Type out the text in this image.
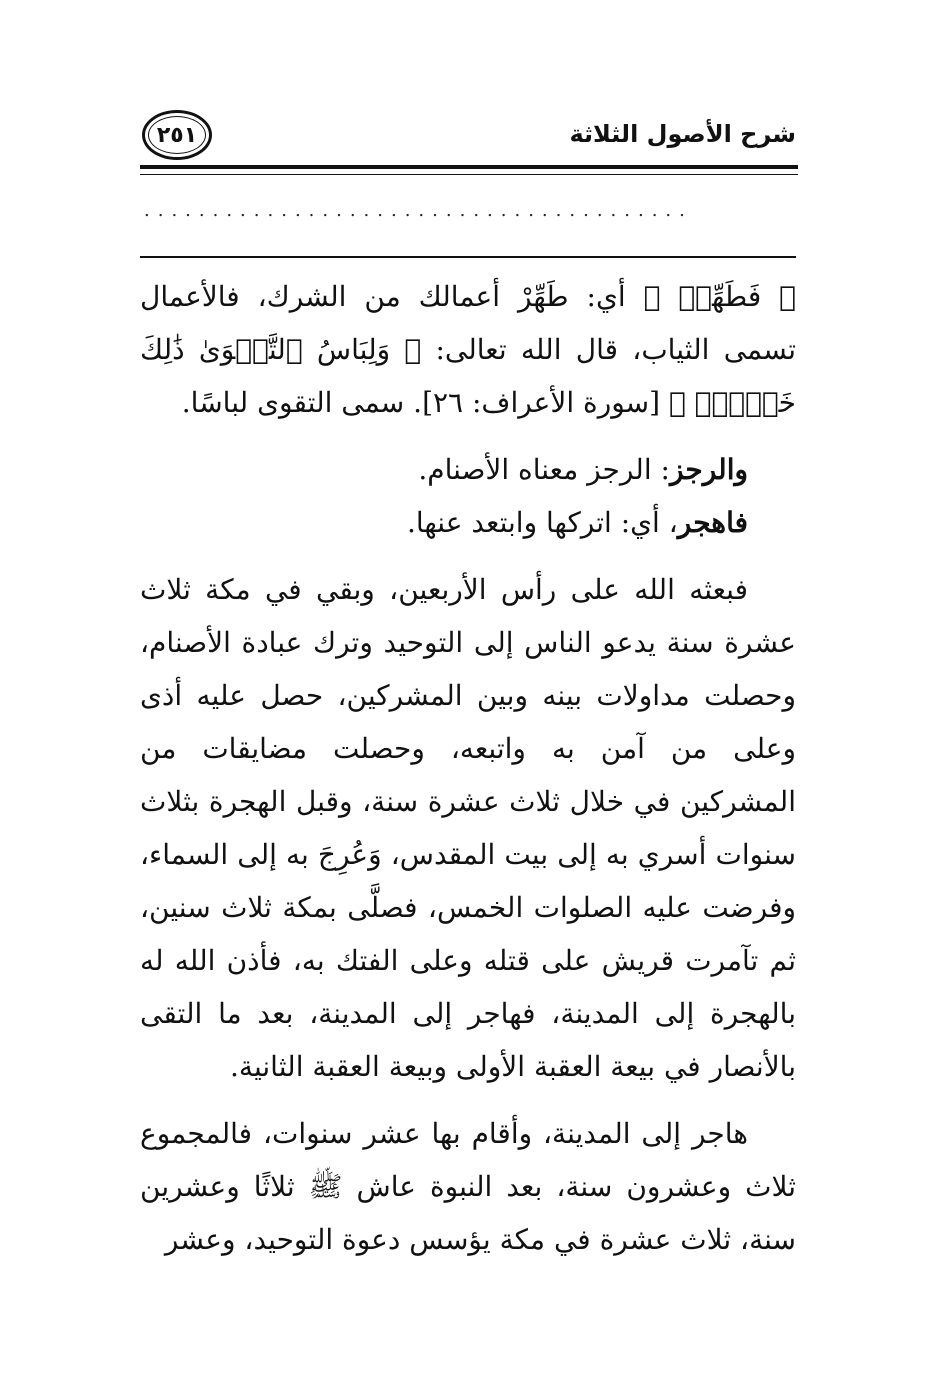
٢٥١	شرح الأصول الثلاثة
........................................

﴿ فَطَهِّرۡ ﴾ أي: طَهِّرْ أعمالك من الشرك، فالأعمال تسمى الثياب، قال الله تعالى: ﴿ وَلِبَاسُ ٱلتَّقۡوَىٰ ذَٰلِكَ خَيۡرٞۚ ﴾ [سورة الأعراف: ٢٦]. سمى التقوى لباسًا.

والرجز: الرجز معناه الأصنام.

فاهجر، أي: اتركها وابتعد عنها.

فبعثه الله على رأس الأربعين، وبقي في مكة ثلاث عشرة سنة يدعو الناس إلى التوحيد وترك عبادة الأصنام، وحصلت مداولات بينه وبين المشركين، حصل عليه أذى وعلى من آمن به واتبعه، وحصلت مضايقات من المشركين في خلال ثلاث عشرة سنة، وقبل الهجرة بثلاث سنوات أسري به إلى بيت المقدس، وَعُرِجَ به إلى السماء، وفرضت عليه الصلوات الخمس، فصلَّى بمكة ثلاث سنين، ثم تآمرت قريش على قتله وعلى الفتك به، فأذن الله له بالهجرة إلى المدينة، فهاجر إلى المدينة، بعد ما التقى بالأنصار في بيعة العقبة الأولى وبيعة العقبة الثانية.

هاجر إلى المدينة، وأقام بها عشر سنوات، فالمجموع ثلاث وعشرون سنة، بعد النبوة عاش ﷺ ثلاثًا وعشرين سنة، ثلاث عشرة في مكة يؤسس دعوة التوحيد، وعشر
